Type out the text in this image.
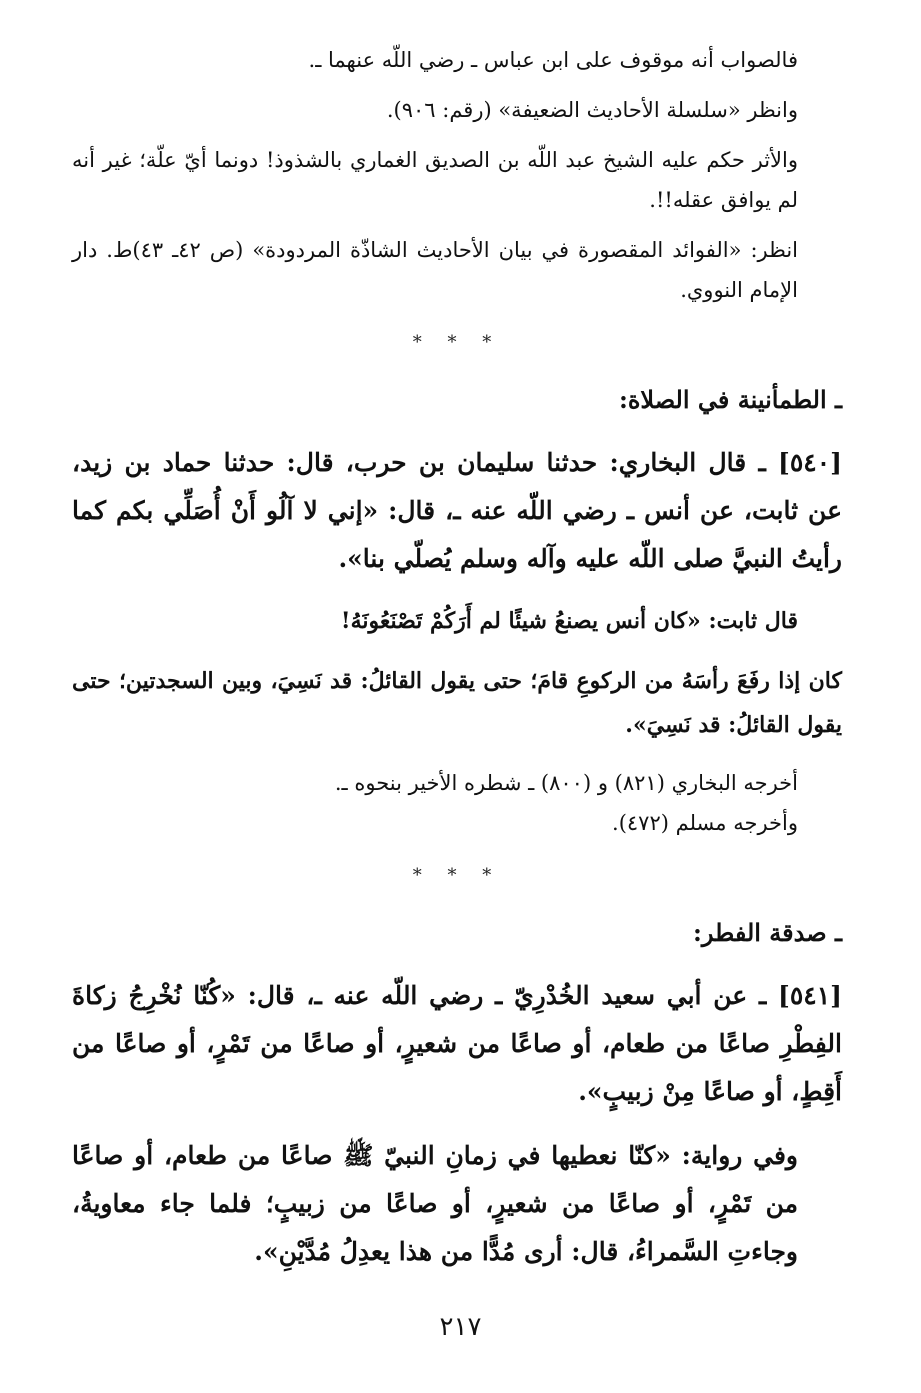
فالصواب أنه موقوف على ابن عباس ـ رضي اللّه عنهما ـ.

وانظر «سلسلة الأحاديث الضعيفة» (رقم: ٩٠٦).

والأثر حكم عليه الشيخ عبد اللّه بن الصديق الغماري بالشذوذ! دونما أيّ علّة؛ غير أنه لم يوافق عقله!!.

انظر: «الفوائد المقصورة في بيان الأحاديث الشاذّة المردودة» (ص ٤٢ـ ٤٣)ط. دار الإمام النووي.

* * *

ـ الطمأنينة في الصلاة:

[٥٤٠] ـ قال البخاري: حدثنا سليمان بن حرب، قال: حدثنا حماد بن زيد، عن ثابت، عن أنس ـ رضي اللّه عنه ـ، قال: «إني لا آلُو أَنْ أُصَلِّي بكم كما رأيتُ النبيَّ صلى اللّه عليه وآله وسلم يُصلّي بنا».

قال ثابت: «كان أنس يصنعُ شيئًا لم أَرَكُمْ تَصْنَعُونَهُ!

كان إذا رفَعَ رأسَهُ من الركوعِ قامَ؛ حتى يقول القائلُ: قد نَسِيَ، وبين السجدتين؛ حتى يقول القائلُ: قد نَسِيَ».

أخرجه البخاري (٨٢١) و (٨٠٠) ـ شطره الأخير بنحوه ـ.

وأخرجه مسلم (٤٧٢).

* * *

ـ صدقة الفطر:

[٥٤١] ـ عن أبي سعيد الخُدْرِيّ ـ رضي اللّه عنه ـ، قال: «كُنّا نُخْرِجُ زكاةَ الفِطْرِ صاعًا من طعام، أو صاعًا من شعيرٍ، أو صاعًا من تَمْرٍ، أو صاعًا من أَقِطٍ، أو صاعًا مِنْ زبيبٍ».

وفي رواية: «كنّا نعطيها في زمانِ النبيّ ﷺ صاعًا من طعام، أو صاعًا من تَمْرٍ، أو صاعًا من شعيرٍ، أو صاعًا من زبيبٍ؛ فلما جاء معاويةُ، وجاءتِ السَّمراءُ، قال: أرى مُدًّا من هذا يعدِلُ مُدَّيْنِ».

٢١٧
